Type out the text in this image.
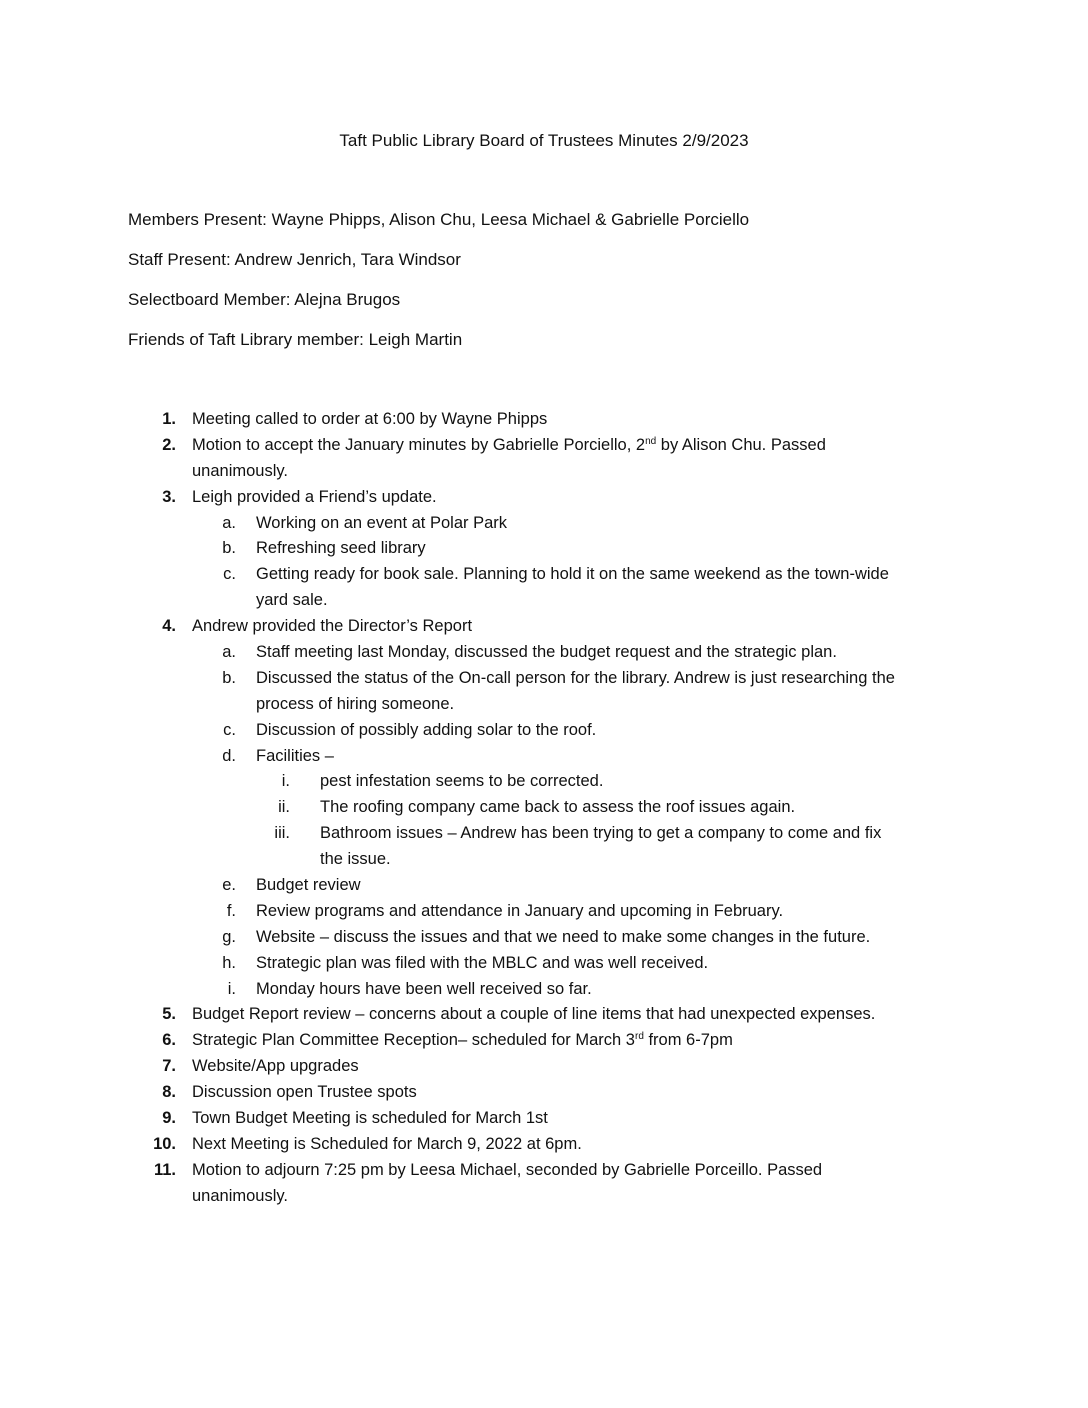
Taft Public Library Board of Trustees Minutes 2/9/2023
Members Present: Wayne Phipps, Alison Chu, Leesa Michael & Gabrielle Porciello
Staff Present: Andrew Jenrich, Tara Windsor
Selectboard Member: Alejna Brugos
Friends of Taft Library member: Leigh Martin
1. Meeting called to order at 6:00 by Wayne Phipps
2. Motion to accept the January minutes by Gabrielle Porciello, 2nd by Alison Chu. Passed
unanimously.
3. Leigh provided a Friend’s update.
a. Working on an event at Polar Park
b. Refreshing seed library
c. Getting ready for book sale. Planning to hold it on the same weekend as the town-wide
yard sale.
4. Andrew provided the Director’s Report
a. Staff meeting last Monday, discussed the budget request and the strategic plan.
b. Discussed the status of the On-call person for the library. Andrew is just researching the
process of hiring someone.
c. Discussion of possibly adding solar to the roof.
d. Facilities –
i. pest infestation seems to be corrected.
ii. The roofing company came back to assess the roof issues again.
iii. Bathroom issues – Andrew has been trying to get a company to come and fix
the issue.
e. Budget review
f. Review programs and attendance in January and upcoming in February.
g. Website – discuss the issues and that we need to make some changes in the future.
h. Strategic plan was filed with the MBLC and was well received.
i. Monday hours have been well received so far.
5. Budget Report review – concerns about a couple of line items that had unexpected expenses.
6. Strategic Plan Committee Reception– scheduled for March 3rd from 6-7pm
7. Website/App upgrades
8. Discussion open Trustee spots
9. Town Budget Meeting is scheduled for March 1st
10. Next Meeting is Scheduled for March 9, 2022 at 6pm.
11. Motion to adjourn 7:25 pm by Leesa Michael, seconded by Gabrielle Porceillo. Passed
unanimously.
